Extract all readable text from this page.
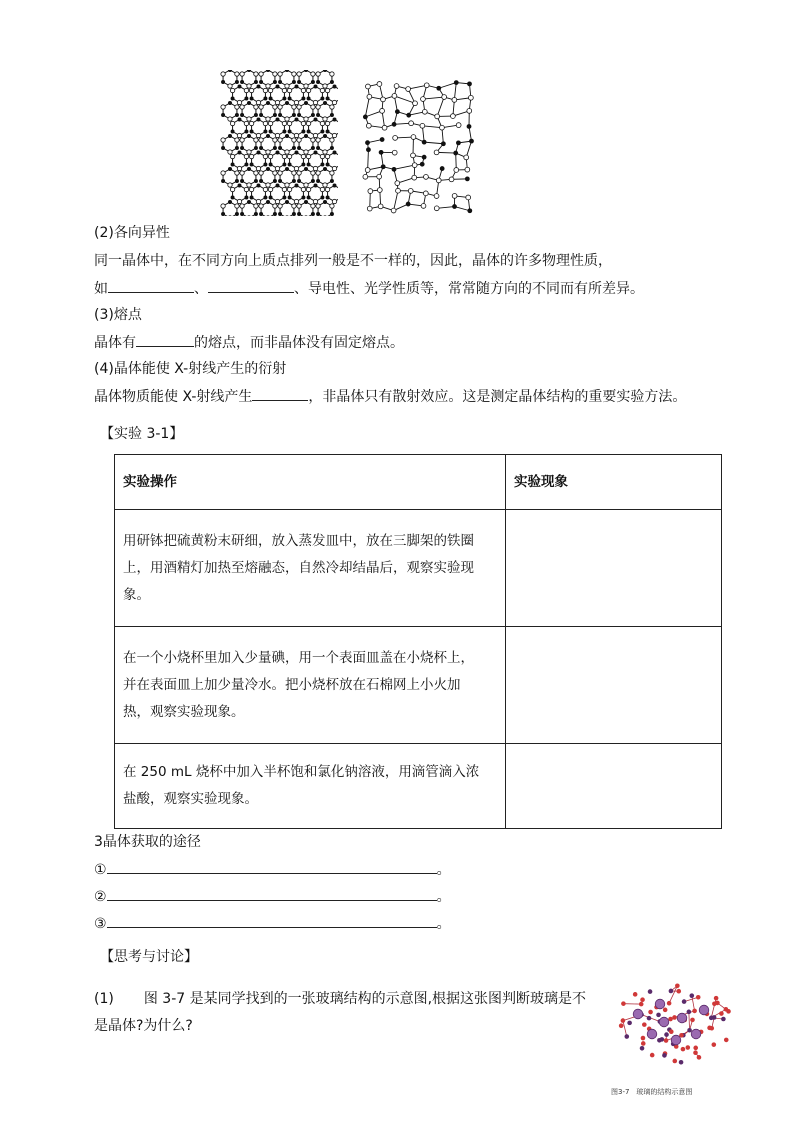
(2)各向异性
同一晶体中，在不同方向上质点排列一般是不一样的，因此，晶体的许多物理性质，
如	、	、导电性、光学性质等，常常随方向的不同而有所差异。
(3)熔点
晶体有	的熔点，而非晶体没有固定熔点。
(4)晶体能使 X-射线产生的衍射
晶体物质能使 X-射线产生	，非晶体只有散射效应。这是测定晶体结构的重要实验方法。
【实验 3-1】
实验操作	实验现象

用研钵把硫黄粉末研细，放入蒸发皿中，放在三脚架的铁圈
上，用酒精灯加热至熔融态，自然冷却结晶后，观察实验现
象。	

在一个小烧杯里加入少量碘，用一个表面皿盖在小烧杯上，
并在表面皿上加少量冷水。把小烧杯放在石棉网上小火加
热，观察实验现象。	

在 250 mL 烧杯中加入半杯饱和氯化钠溶液，用滴管滴入浓
盐酸，观察实验现象。	

3晶体获取的途径
①	。
②	。
③	。
【思考与讨论】
(1) 图 3-7 是某同学找到的一张玻璃结构的示意图,根据这张图判断玻璃是不
是晶体?为什么?
图3-7　玻璃的结构示意图
